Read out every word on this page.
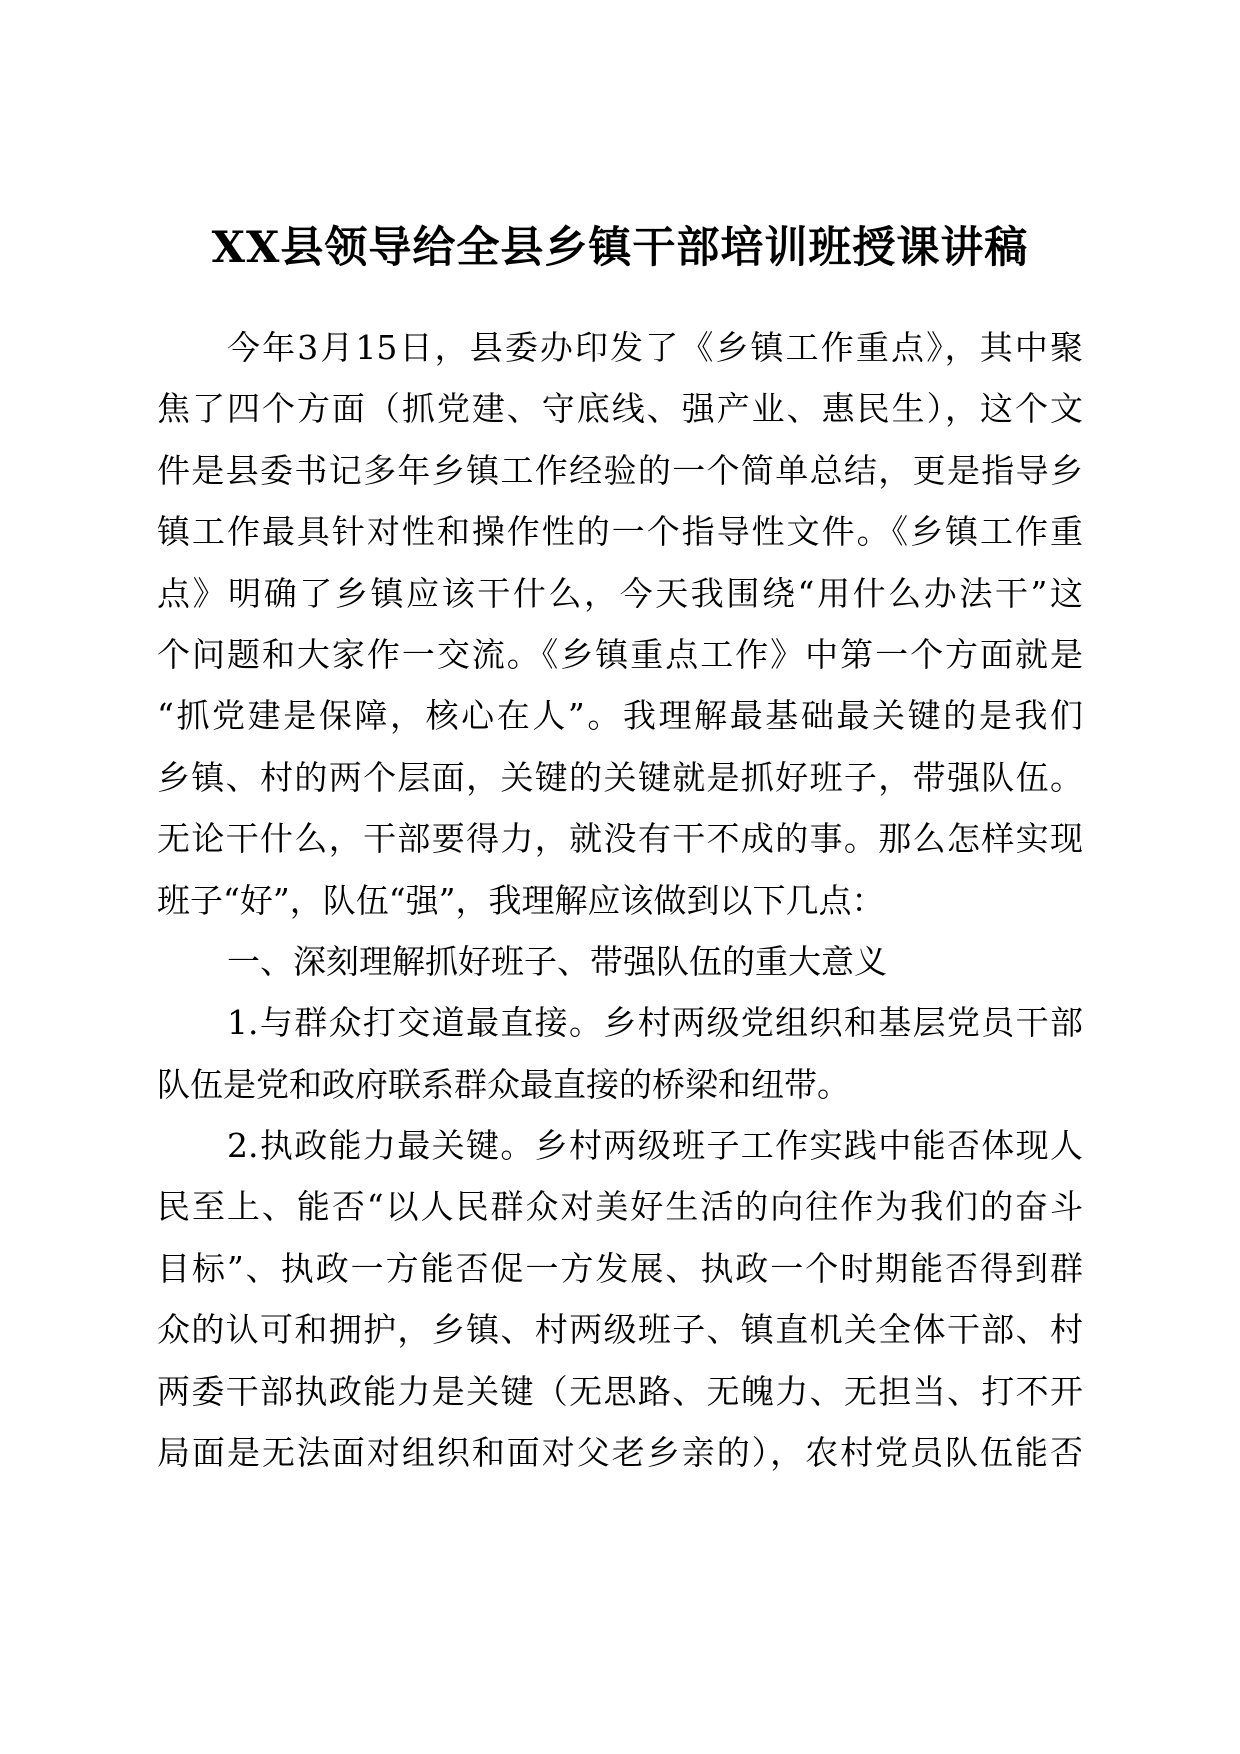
XX县领导给全县乡镇干部培训班授课讲稿
今年3月15日，县委办印发了《乡镇工作重点》，其中聚
焦了四个方面（抓党建、守底线、强产业、惠民生），这个文
件是县委书记多年乡镇工作经验的一个简单总结，更是指导乡
镇工作最具针对性和操作性的一个指导性文件。《乡镇工作重
点》明确了乡镇应该干什么，今天我围绕“用什么办法干”这
个问题和大家作一交流。《乡镇重点工作》中第一个方面就是
“抓党建是保障，核心在人”。我理解最基础最关键的是我们
乡镇、村的两个层面，关键的关键就是抓好班子，带强队伍。
无论干什么，干部要得力，就没有干不成的事。那么怎样实现
班子“好”，队伍“强”，我理解应该做到以下几点：
一、深刻理解抓好班子、带强队伍的重大意义
1.与群众打交道最直接。乡村两级党组织和基层党员干部
队伍是党和政府联系群众最直接的桥梁和纽带。
2.执政能力最关键。乡村两级班子工作实践中能否体现人
民至上、能否“以人民群众对美好生活的向往作为我们的奋斗
目标”、执政一方能否促一方发展、执政一个时期能否得到群
众的认可和拥护，乡镇、村两级班子、镇直机关全体干部、村
两委干部执政能力是关键（无思路、无魄力、无担当、打不开
局面是无法面对组织和面对父老乡亲的），农村党员队伍能否
